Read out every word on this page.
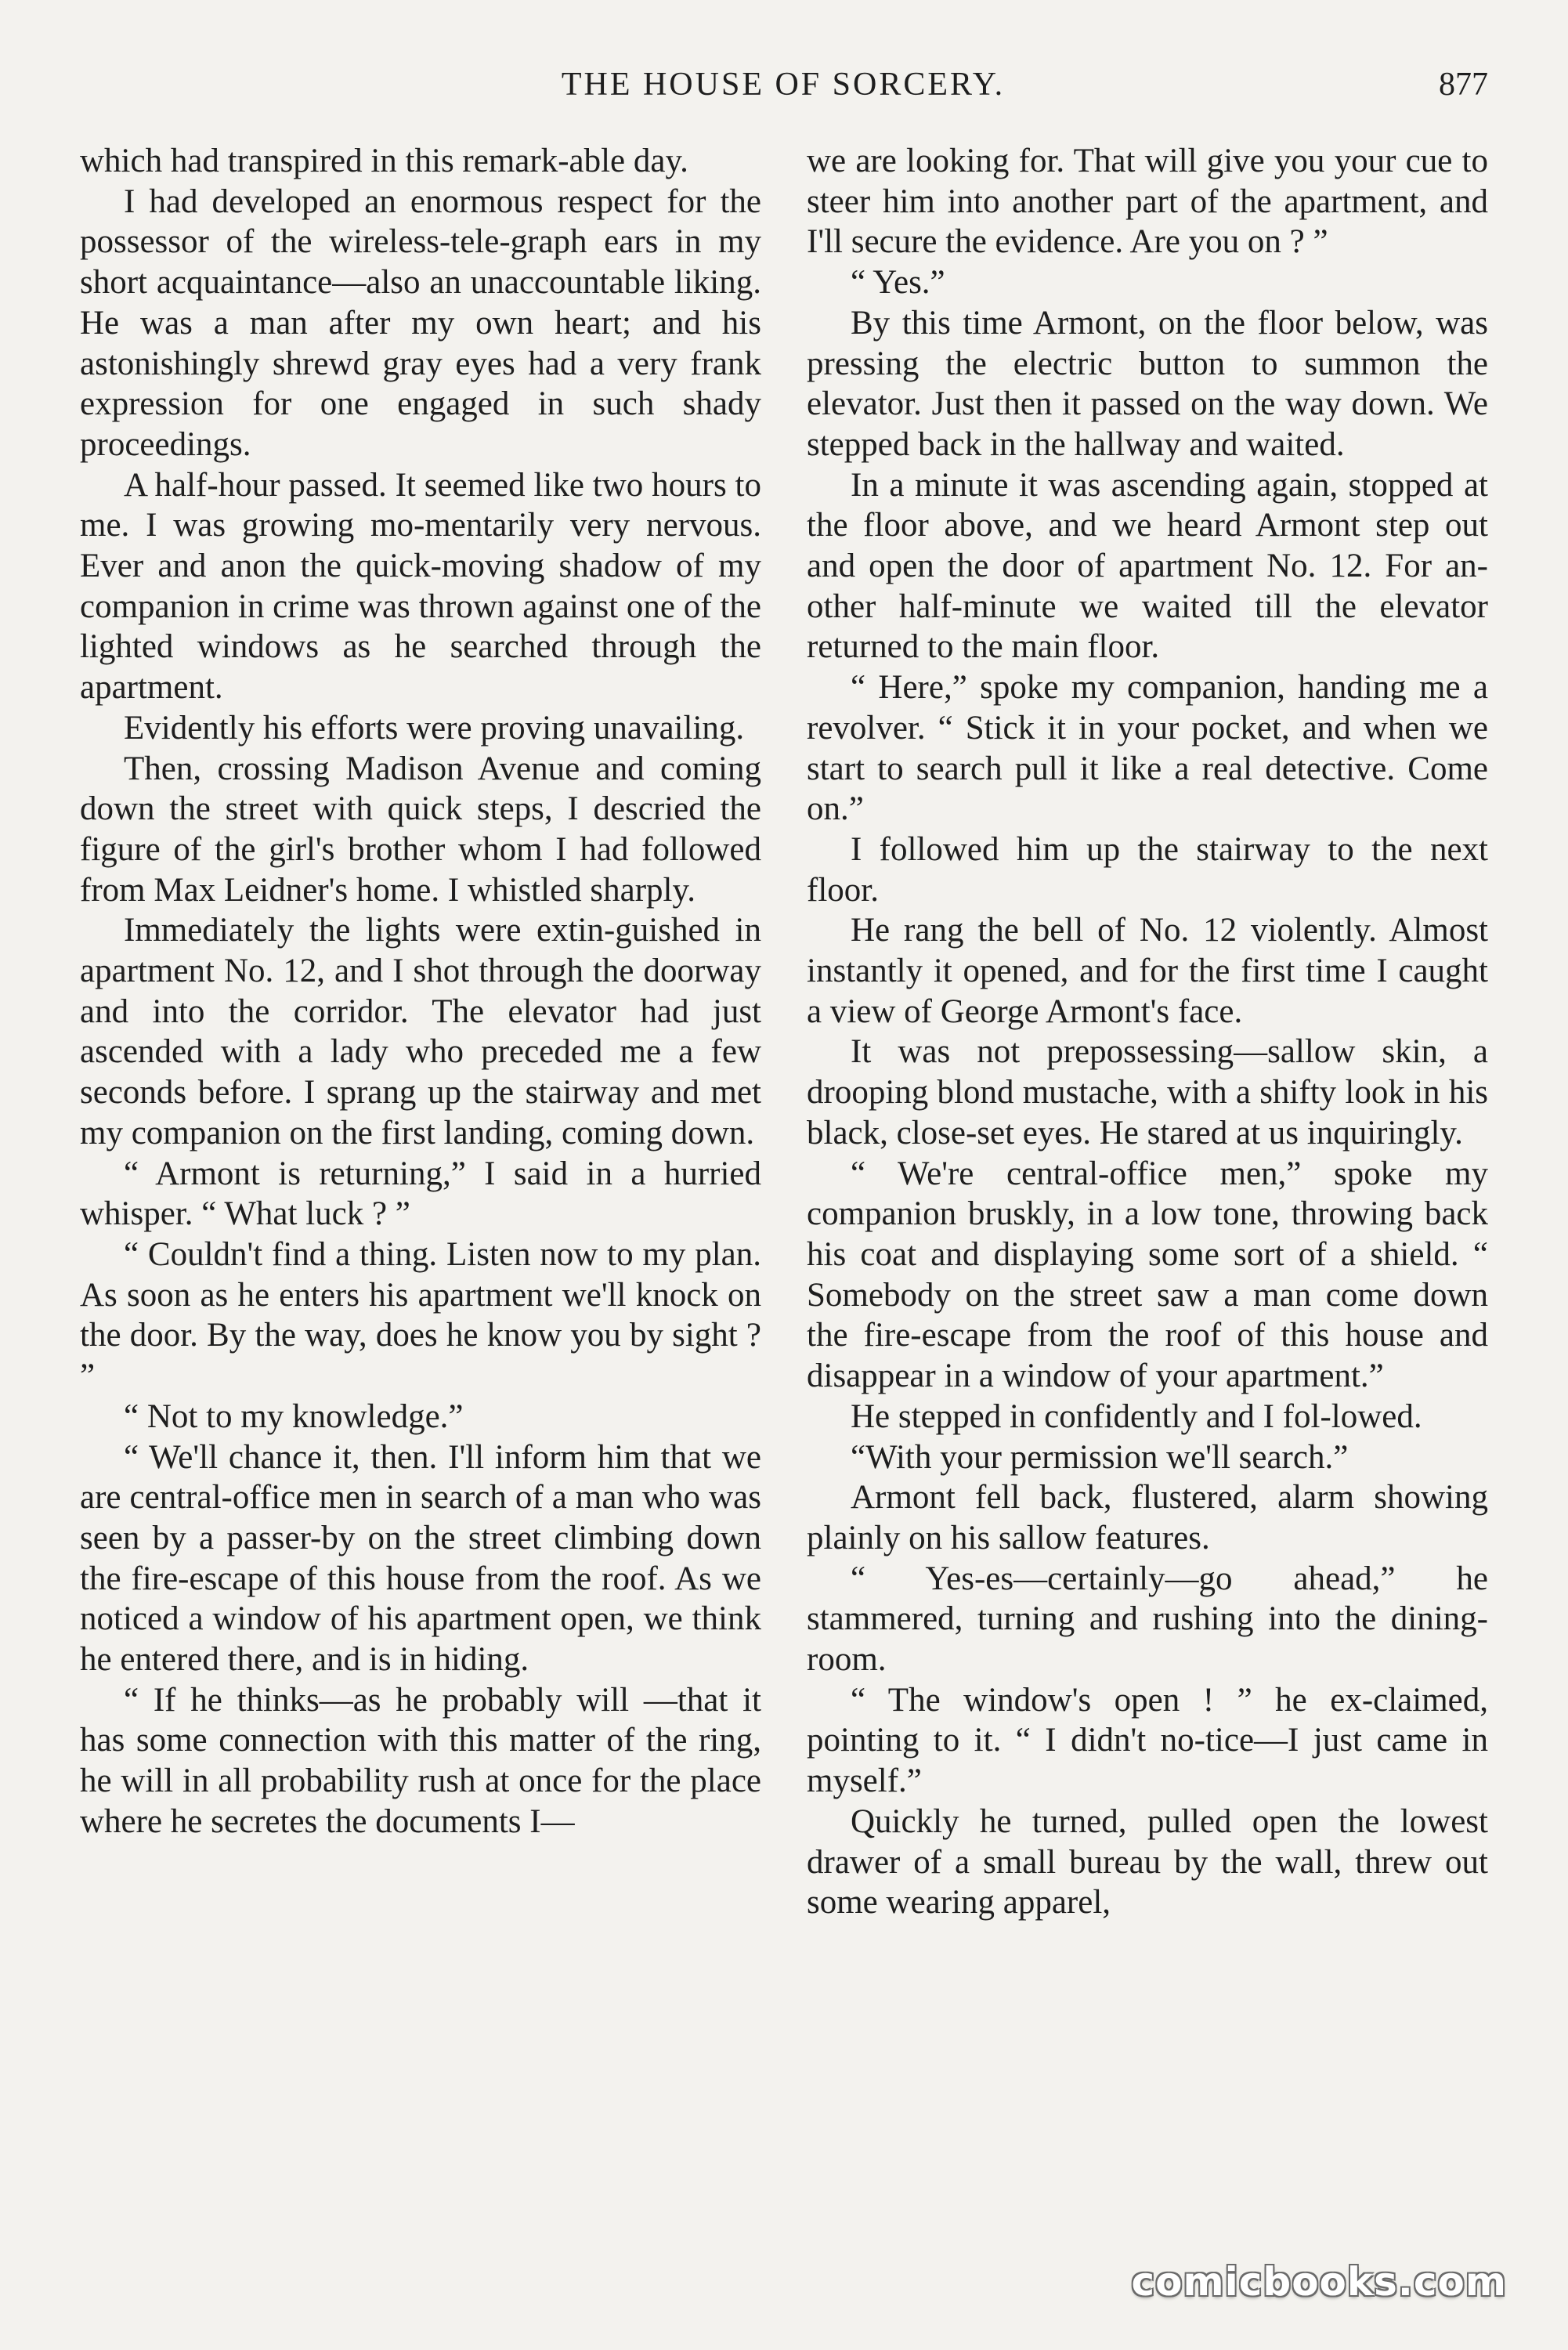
THE HOUSE OF SORCERY.	877

which had transpired in this remark-able day.

I had developed an enormous respect for the possessor of the wireless-tele-graph ears in my short acquaintance—also an unaccountable liking. He was a man after my own heart; and his astonishingly shrewd gray eyes had a very frank expression for one engaged in such shady proceedings.

A half-hour passed. It seemed like two hours to me. I was growing mo-mentarily very nervous. Ever and anon the quick-moving shadow of my companion in crime was thrown against one of the lighted windows as he searched through the apartment.

Evidently his efforts were proving unavailing.

Then, crossing Madison Avenue and coming down the street with quick steps, I descried the figure of the girl's brother whom I had followed from Max Leidner's home. I whistled sharply.

Immediately the lights were extin-guished in apartment No. 12, and I shot through the doorway and into the corridor. The elevator had just ascended with a lady who preceded me a few seconds before. I sprang up the stairway and met my companion on the first landing, coming down.

“ Armont is returning,” I said in a hurried whisper. “ What luck ? ”

“ Couldn't find a thing. Listen now to my plan. As soon as he enters his apartment we'll knock on the door. By the way, does he know you by sight ? ”

“ Not to my knowledge.”

“ We'll chance it, then. I'll inform him that we are central-office men in search of a man who was seen by a passer-by on the street climbing down the fire-escape of this house from the roof. As we noticed a window of his apartment open, we think he entered there, and is in hiding.

“ If he thinks—as he probably will —that it has some connection with this matter of the ring, he will in all probability rush at once for the place where he secretes the documents I—

we are looking for. That will give you your cue to steer him into another part of the apartment, and I'll secure the evidence. Are you on ? ”

“ Yes.”

By this time Armont, on the floor below, was pressing the electric button to summon the elevator. Just then it passed on the way down. We stepped back in the hallway and waited.

In a minute it was ascending again, stopped at the floor above, and we heard Armont step out and open the door of apartment No. 12. For an-other half-minute we waited till the elevator returned to the main floor.

“ Here,” spoke my companion, handing me a revolver. “ Stick it in your pocket, and when we start to search pull it like a real detective. Come on.”

I followed him up the stairway to the next floor.

He rang the bell of No. 12 violently. Almost instantly it opened, and for the first time I caught a view of George Armont's face.

It was not prepossessing—sallow skin, a drooping blond mustache, with a shifty look in his black, close-set eyes. He stared at us inquiringly.

“ We're central-office men,” spoke my companion bruskly, in a low tone, throwing back his coat and displaying some sort of a shield. “ Somebody on the street saw a man come down the fire-escape from the roof of this house and disappear in a window of your apartment.”

He stepped in confidently and I fol-lowed.

“With your permission we'll search.”

Armont fell back, flustered, alarm showing plainly on his sallow features.

“ Yes-es—certainly—go ahead,” he stammered, turning and rushing into the dining-room.

“ The window's open ! ” he ex-claimed, pointing to it. “ I didn't no-tice—I just came in myself.”

Quickly he turned, pulled open the lowest drawer of a small bureau by the wall, threw out some wearing apparel,

comicbooks.com
